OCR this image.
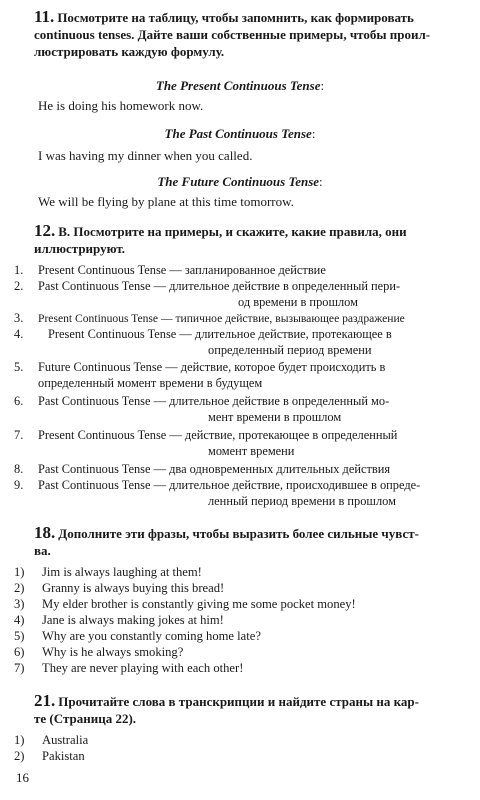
11. Посмотрите на таблицу, чтобы запомнить, как формировать
continuous tenses. Дайте ваши собственные примеры, чтобы проил-
люстрировать каждую формулу.
The Present Continuous Tense:
He is doing his homework now.
The Past Continuous Tense:
I was having my dinner when you called.
The Future Continuous Tense:
We will be flying by plane at this time tomorrow.
12. В. Посмотрите на примеры, и скажите, какие правила, они
иллюстрируют.
1.	Present Continuous Tense — запланированное действие
2.	Past Continuous Tense — длительное действие в определенный пери-
од времени в прошлом
3.	Present Continuous Tense — типичное действие, вызывающее раздражение
4.	Present Continuous Tense — длительное действие, протекающее в
определенный период времени
5.	Future Continuous Tense — действие, которое будет происходить в
определенный момент времени в будущем
6.	Past Continuous Tense — длительное действие в определенный мо-
мент времени в прошлом
7.	Present Continuous Tense — действие, протекающее в определенный
момент времени
8.	Past Continuous Tense — два одновременных длительных действия
9.	Past Continuous Tense — длительное действие, происходившее в опреде-
ленный период времени в прошлом
18. Дополните эти фразы, чтобы выразить более сильные чувст-
ва.
1)	Jim is always laughing at them!
2)	Granny is always buying this bread!
3)	My elder brother is constantly giving me some pocket money!
4)	Jane is always making jokes at him!
5)	Why are you constantly coming home late?
6)	Why is he always smoking?
7)	They are never playing with each other!
21. Прочитайте слова в транскрипции и найдите страны на кар-
те (Страница 22).
1)	Australia
2)	Pakistan
16
